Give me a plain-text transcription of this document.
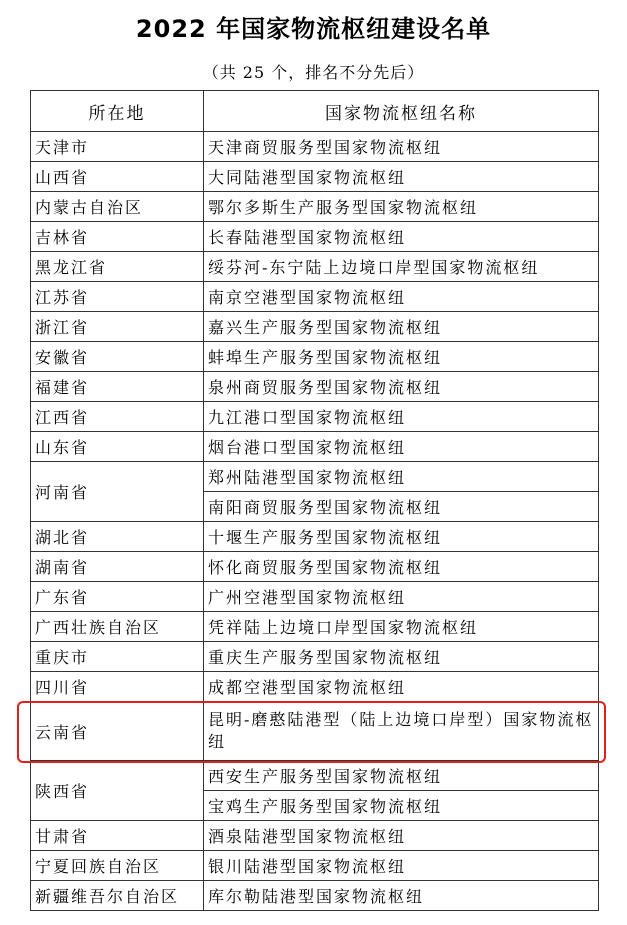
2022 年国家物流枢纽建设名单
（共 25 个，排名不分先后）
所在地	国家物流枢纽名称
天津市	天津商贸服务型国家物流枢纽
山西省	大同陆港型国家物流枢纽
内蒙古自治区	鄂尔多斯生产服务型国家物流枢纽
吉林省	长春陆港型国家物流枢纽
黑龙江省	绥芬河-东宁陆上边境口岸型国家物流枢纽
江苏省	南京空港型国家物流枢纽
浙江省	嘉兴生产服务型国家物流枢纽
安徽省	蚌埠生产服务型国家物流枢纽
福建省	泉州商贸服务型国家物流枢纽
江西省	九江港口型国家物流枢纽
山东省	烟台港口型国家物流枢纽
河南省	郑州陆港型国家物流枢纽
	南阳商贸服务型国家物流枢纽
湖北省	十堰生产服务型国家物流枢纽
湖南省	怀化商贸服务型国家物流枢纽
广东省	广州空港型国家物流枢纽
广西壮族自治区	凭祥陆上边境口岸型国家物流枢纽
重庆市	重庆生产服务型国家物流枢纽
四川省	成都空港型国家物流枢纽
云南省	昆明-磨憨陆港型（陆上边境口岸型）国家物流枢纽
陕西省	西安生产服务型国家物流枢纽
	宝鸡生产服务型国家物流枢纽
甘肃省	酒泉陆港型国家物流枢纽
宁夏回族自治区	银川陆港型国家物流枢纽
新疆维吾尔自治区	库尔勒陆港型国家物流枢纽
